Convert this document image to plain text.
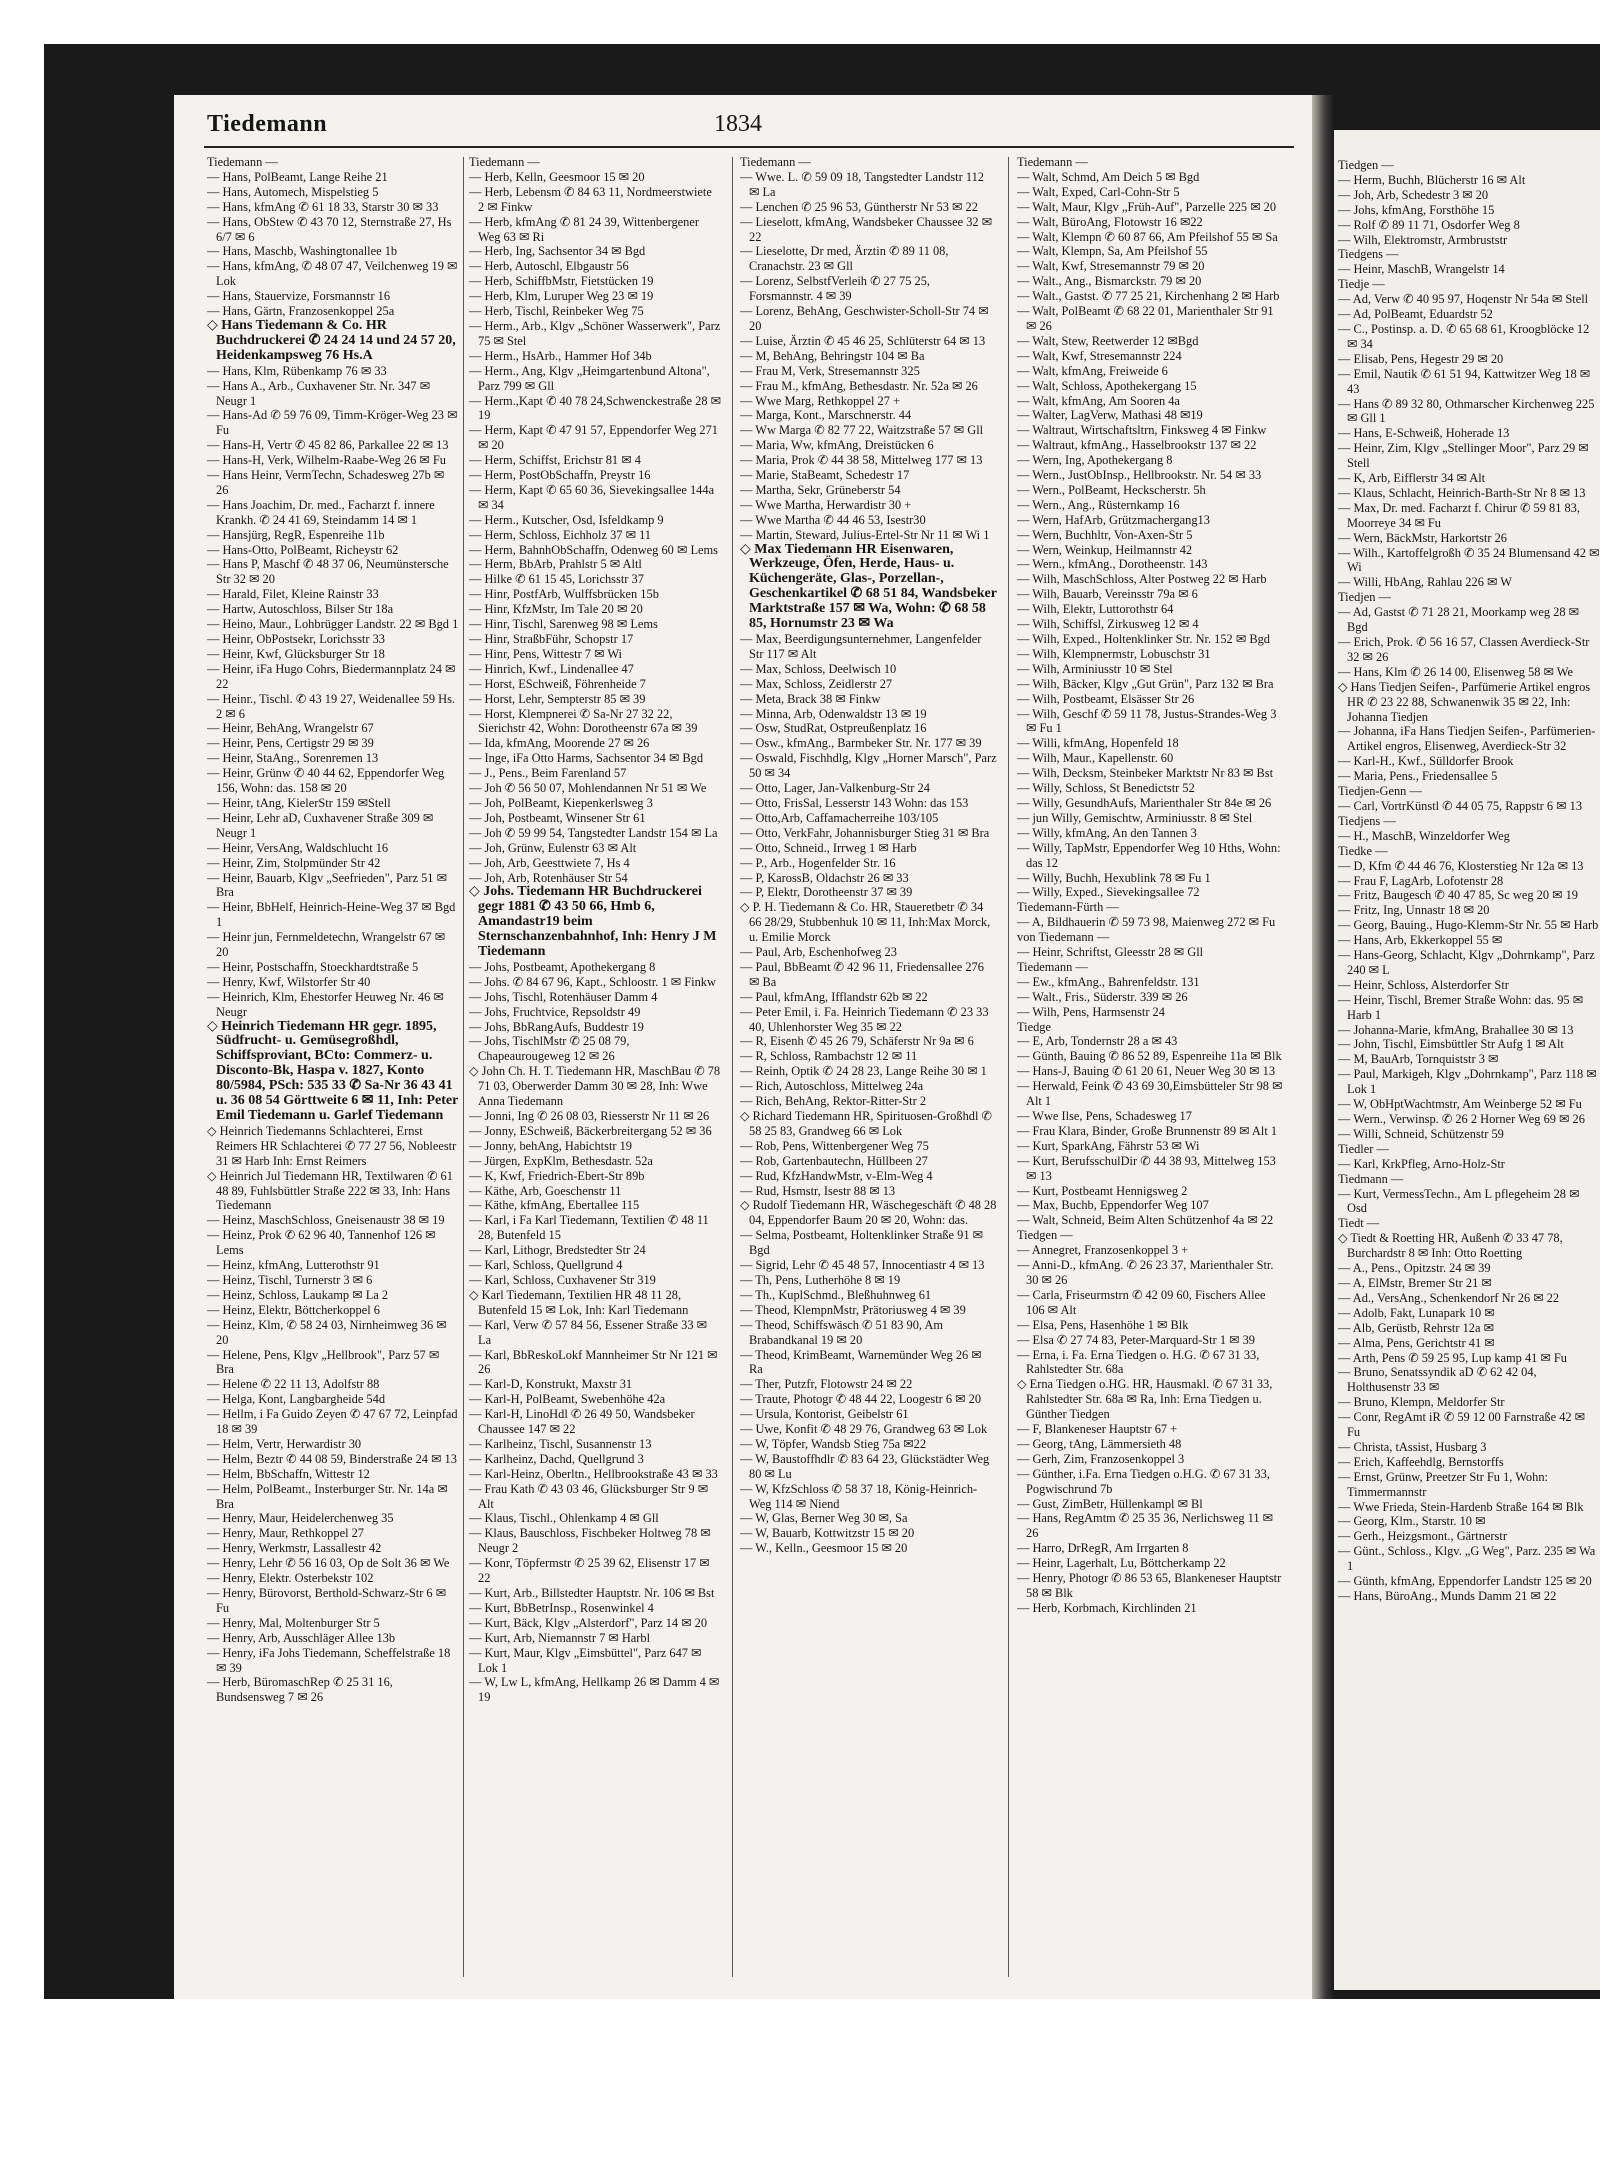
Tiedemann	1834

Tiedemann —

— Hans, PolBeamt, Lange Reihe 21

— Hans, Automech, Mispelstieg 5

— Hans, kfmAng ✆ 61 18 33, Starstr 30 ✉ 33

— Hans, ObStew ✆ 43 70 12, Sternstraße 27, Hs 6/7 ✉ 6

— Hans, Maschb, Washingtonallee 1b

— Hans, kfmAng, ✆ 48 07 47, Veilchenweg 19 ✉ Lok

— Hans, Stauervize, Forsmannstr 16

— Hans, Gärtn, Franzosenkoppel 25a

◇ Hans Tiedemann & Co. HR Buchdruckerei ✆ 24 24 14 und 24 57 20, Heidenkampsweg 76 Hs.A

— Hans, Klm, Rübenkamp 76 ✉ 33

— Hans A., Arb., Cuxhavener Str. Nr. 347 ✉ Neugr 1

— Hans-Ad ✆ 59 76 09, Timm-Kröger-Weg 23 ✉ Fu

— Hans-H, Vertr ✆ 45 82 86, Parkallee 22 ✉ 13

— Hans-H, Verk, Wilhelm-Raabe-Weg 26 ✉ Fu

— Hans Heinr, VermTechn, Schadesweg 27b ✉ 26

— Hans Joachim, Dr. med., Facharzt f. innere Krankh. ✆ 24 41 69, Steindamm 14 ✉ 1

— Hansjürg, RegR, Espenreihe 11b

— Hans-Otto, PolBeamt, Richeystr 62

— Hans P, Maschf ✆ 48 37 06, Neumünstersche Str 32 ✉ 20

— Harald, Filet, Kleine Rainstr 33

— Hartw, Autoschloss, Bilser Str 18a

— Heino, Maur., Lohbrügger Landstr. 22 ✉ Bgd 1

— Heinr, ObPostsekr, Lorichsstr 33

— Heinr, Kwf, Glücksburger Str 18

— Heinr, iFa Hugo Cohrs, Biedermannplatz 24 ✉ 22

— Heinr., Tischl. ✆ 43 19 27, Weidenallee 59 Hs. 2 ✉ 6

— Heinr, BehAng, Wrangelstr 67

— Heinr, Pens, Certigstr 29 ✉ 39

— Heinr, StaAng., Sorenremen 13

— Heinr, Grünw ✆ 40 44 62, Eppendorfer Weg 156, Wohn: das. 158 ✉ 20

— Heinr, tAng, KielerStr 159 ✉Stell

— Heinr, Lehr aD, Cuxhavener Straße 309 ✉ Neugr 1

— Heinr, VersAng, Waldschlucht 16

— Heinr, Zim, Stolpmünder Str 42

— Heinr, Bauarb, Klgv „Seefrieden", Parz 51 ✉ Bra

— Heinr, BbHelf, Heinrich-Heine-Weg 37 ✉ Bgd 1

— Heinr jun, Fernmeldetechn, Wrangelstr 67 ✉ 20

— Heinr, Postschaffn, Stoeckhardtstraße 5

— Henry, Kwf, Wilstorfer Str 40

— Heinrich, Klm, Ehestorfer Heuweg Nr. 46 ✉ Neugr

◇ Heinrich Tiedemann HR gegr. 1895, Südfrucht- u. Gemüsegroßhdl, Schiffsproviant, BCto: Commerz- u. Disconto-Bk, Haspa v. 1827, Konto 80/5984, PSch: 535 33 ✆ Sa-Nr 36 43 41 u. 36 08 54 Görttweite 6 ✉ 11, Inh: Peter Emil Tiedemann u. Garlef Tiedemann

◇ Heinrich Tiedemanns Schlachterei, Ernst Reimers HR Schlachterei ✆ 77 27 56, Nobleestr 31 ✉ Harb Inh: Ernst Reimers

◇ Heinrich Jul Tiedemann HR, Textilwaren ✆ 61 48 89, Fuhlsbüttler Straße 222 ✉ 33, Inh: Hans Tiedemann

— Heinz, MaschSchloss, Gneisenaustr 38 ✉ 19

— Heinz, Prok ✆ 62 96 40, Tannenhof 126 ✉ Lems

— Heinz, kfmAng, Lutterothstr 91

— Heinz, Tischl, Turnerstr 3 ✉ 6

— Heinz, Schloss, Laukamp ✉ La 2

— Heinz, Elektr, Böttcherkoppel 6

— Heinz, Klm, ✆ 58 24 03, Nirnheimweg 36 ✉ 20

— Helene, Pens, Klgv „Hellbrook", Parz 57 ✉ Bra

— Helene ✆ 22 11 13, Adolfstr 88

— Helga, Kont, Langbargheide 54d

— Hellm, i Fa Guido Zeyen ✆ 47 67 72, Leinpfad 18 ✉ 39

— Helm, Vertr, Herwardistr 30

— Helm, Beztr ✆ 44 08 59, Binderstraße 24 ✉ 13

— Helm, BbSchaffn, Wittestr 12

— Helm, PolBeamt., Insterburger Str. Nr. 14a ✉ Bra

— Henry, Maur, Heidelerchenweg 35

— Henry, Maur, Rethkoppel 27

— Henry, Werkmstr, Lassallestr 42

— Henry, Lehr ✆ 56 16 03, Op de Solt 36 ✉ We

— Henry, Elektr. Osterbekstr 102

— Henry, Bürovorst, Berthold-Schwarz-Str 6 ✉ Fu

— Henry, Mal, Moltenburger Str 5

— Henry, Arb, Ausschläger Allee 13b

— Henry, iFa Johs Tiedemann, Scheffelstraße 18 ✉ 39

— Herb, BüromaschRep ✆ 25 31 16, Bundsensweg 7 ✉ 26

Tiedemann —

— Herb, Kelln, Geesmoor 15 ✉ 20

— Herb, Lebensm ✆ 84 63 11, Nordmeerstwiete 2 ✉ Finkw

— Herb, kfmAng ✆ 81 24 39, Wittenbergener Weg 63 ✉ Ri

— Herb, Ing, Sachsentor 34 ✉ Bgd

— Herb, Autoschl, Elbgaustr 56

— Herb, SchiffbMstr, Fietstücken 19

— Herb, Klm, Luruper Weg 23 ✉ 19

— Herb, Tischl, Reinbeker Weg 75

— Herm., Arb., Klgv „Schöner Wasserwerk", Parz 75 ✉ Stel

— Herm., HsArb., Hammer Hof 34b

— Herm., Ang, Klgv „Heimgartenbund Altona", Parz 799 ✉ Gll

— Herm.,Kapt ✆ 40 78 24,Schwenckestraße 28 ✉ 19

— Herm, Kapt ✆ 47 91 57, Eppendorfer Weg 271 ✉ 20

— Herm, Schiffst, Erichstr 81 ✉ 4

— Herm, PostObSchaffn, Preystr 16

— Herm, Kapt ✆ 65 60 36, Sievekingsallee 144a ✉ 34

— Herm., Kutscher, Osd, Isfeldkamp 9

— Herm, Schloss, Eichholz 37 ✉ 11

— Herm, BahnhObSchaffn, Odenweg 60 ✉ Lems

— Herm, BbArb, Prahlstr 5 ✉ Altl

— Hilke ✆ 61 15 45, Lorichsstr 37

— Hinr, PostfArb, Wulffsbrücken 15b

— Hinr, KfzMstr, Im Tale 20 ✉ 20

— Hinr, Tischl, Sarenweg 98 ✉ Lems

— Hinr, StraßbFühr, Schopstr 17

— Hinr, Pens, Wittestr 7 ✉ Wi

— Hinrich, Kwf., Lindenallee 47

— Horst, ESchweiß, Föhrenheide 7

— Horst, Lehr, Sempterstr 85 ✉ 39

— Horst, Klempnerei ✆ Sa-Nr 27 32 22, Sierichstr 42, Wohn: Dorotheenstr 67a ✉ 39

— Ida, kfmAng, Moorende 27 ✉ 26

— Inge, iFa Otto Harms, Sachsentor 34 ✉ Bgd

— J., Pens., Beim Farenland 57

— Joh ✆ 56 50 07, Mohlendannen Nr 51 ✉ We

— Joh, PolBeamt, Kiepenkerlsweg 3

— Joh, Postbeamt, Winsener Str 61

— Joh ✆ 59 99 54, Tangstedter Landstr 154 ✉ La

— Joh, Grünw, Eulenstr 63 ✉ Alt

— Joh, Arb, Geesttwiete 7, Hs 4

— Joh, Arb, Rotenhäuser Str 54

◇ Johs. Tiedemann HR Buchdruckerei gegr 1881 ✆ 43 50 66, Hmb 6, Amandastr19 beim Sternschanzenbahnhof, Inh: Henry J M Tiedemann

— Johs, Postbeamt, Apothekergang 8

— Johs. ✆ 84 67 96, Kapt., Schloostr. 1 ✉ Finkw

— Johs, Tischl, Rotenhäuser Damm 4

— Johs, Fruchtvice, Repsoldstr 49

— Johs, BbRangAufs, Buddestr 19

— Johs, TischlMstr ✆ 25 08 79, Chapeaurougeweg 12 ✉ 26

◇ John Ch. H. T. Tiedemann HR, MaschBau ✆ 78 71 03, Oberwerder Damm 30 ✉ 28, Inh: Wwe Anna Tiedemann

— Jonni, Ing ✆ 26 08 03, Riesserstr Nr 11 ✉ 26

— Jonny, ESchweiß, Bäckerbreitergang 52 ✉ 36

— Jonny, behAng, Habichtstr 19

— Jürgen, ExpKlm, Bethesdastr. 52a

— K, Kwf, Friedrich-Ebert-Str 89b

— Käthe, Arb, Goeschenstr 11

— Käthe, kfmAng, Ebertallee 115

— Karl, i Fa Karl Tiedemann, Textilien ✆ 48 11 28, Butenfeld 15

— Karl, Lithogr, Bredstedter Str 24

— Karl, Schloss, Quellgrund 4

— Karl, Schloss, Cuxhavener Str 319

◇ Karl Tiedemann, Textilien HR 48 11 28, Butenfeld 15 ✉ Lok, Inh: Karl Tiedemann

— Karl, Verw ✆ 57 84 56, Essener Straße 33 ✉ La

— Karl, BbReskoLokf Mannheimer Str Nr 121 ✉ 26

— Karl-D, Konstrukt, Maxstr 31

— Karl-H, PolBeamt, Swebenhöhe 42a

— Karl-H, LinoHdl ✆ 26 49 50, Wandsbeker Chaussee 147 ✉ 22

— Karlheinz, Tischl, Susannenstr 13

— Karlheinz, Dachd, Quellgrund 3

— Karl-Heinz, Oberltn., Hellbrookstraße 43 ✉ 33

— Frau Kath ✆ 43 03 46, Glücksburger Str 9 ✉ Alt

— Klaus, Tischl., Ohlenkamp 4 ✉ Gll

— Klaus, Bauschloss, Fischbeker Holtweg 78 ✉ Neugr 2

— Konr, Töpfermstr ✆ 25 39 62, Elisenstr 17 ✉ 22

— Kurt, Arb., Billstedter Hauptstr. Nr. 106 ✉ Bst

— Kurt, BbBetrInsp., Rosenwinkel 4

— Kurt, Bäck, Klgv „Alsterdorf", Parz 14 ✉ 20

— Kurt, Arb, Niemannstr 7 ✉ Harbl

— Kurt, Maur, Klgv „Eimsbüttel", Parz 647 ✉ Lok 1

— W, Lw L, kfmAng, Hellkamp 26 ✉ Damm 4 ✉ 19

Tiedemann —

— Wwe. L. ✆ 59 09 18, Tangstedter Landstr 112 ✉ La

— Lenchen ✆ 25 96 53, Güntherstr Nr 53 ✉ 22

— Lieselott, kfmAng, Wandsbeker Chaussee 32 ✉ 22

— Lieselotte, Dr med, Ärztin ✆ 89 11 08, Cranachstr. 23 ✉ Gll

— Lorenz, SelbstfVerleih ✆ 27 75 25, Forsmannstr. 4 ✉ 39

— Lorenz, BehAng, Geschwister-Scholl-Str 74 ✉ 20

— Luise, Ärztin ✆ 45 46 25, Schlüterstr 64 ✉ 13

— M, BehAng, Behringstr 104 ✉ Ba

— Frau M, Verk, Stresemannstr 325

— Frau M., kfmAng, Bethesdastr. Nr. 52a ✉ 26

— Wwe Marg, Rethkoppel 27 +

— Marga, Kont., Marschnerstr. 44

— Ww Marga ✆ 82 77 22, Waitzstraße 57 ✉ Gll

— Maria, Ww, kfmAng, Dreistücken 6

— Maria, Prok ✆ 44 38 58, Mittelweg 177 ✉ 13

— Marie, StaBeamt, Schedestr 17

— Martha, Sekr, Grüneberstr 54

— Wwe Martha, Herwardistr 30 +

— Wwe Martha ✆ 44 46 53, Isestr30

— Martin, Steward, Julius-Ertel-Str Nr 11 ✉ Wi 1

◇ Max Tiedemann HR Eisenwaren, Werkzeuge, Öfen, Herde, Haus- u. Küchengeräte, Glas-, Porzellan-, Geschenkartikel ✆ 68 51 84, Wandsbeker Marktstraße 157 ✉ Wa, Wohn: ✆ 68 58 85, Hornumstr 23 ✉ Wa

— Max, Beerdigungsunternehmer, Langenfelder Str 117 ✉ Alt

— Max, Schloss, Deelwisch 10

— Max, Schloss, Zeidlerstr 27

— Meta, Brack 38 ✉ Finkw

— Minna, Arb, Odenwaldstr 13 ✉ 19

— Osw, StudRat, Ostpreußenplatz 16

— Osw., kfmAng., Barmbeker Str. Nr. 177 ✉ 39

— Oswald, Fischhdlg, Klgv „Horner Marsch", Parz 50 ✉ 34

— Otto, Lager, Jan-Valkenburg-Str 24

— Otto, FrisSal, Lesserstr 143 Wohn: das 153

— Otto,Arb, Caffamacherreihe 103/105

— Otto, VerkFahr, Johannisburger Stieg 31 ✉ Bra

— Otto, Schneid., Irrweg 1 ✉ Harb

— P., Arb., Hogenfelder Str. 16

— P, KarossB, Oldachstr 26 ✉ 33

— P, Elektr, Dorotheenstr 37 ✉ 39

◇ P. H. Tiedemann & Co. HR, Staueretbetr ✆ 34 66 28/29, Stubbenhuk 10 ✉ 11, Inh:Max Morck, u. Emilie Morck

— Paul, Arb, Eschenhofweg 23

— Paul, BbBeamt ✆ 42 96 11, Friedensallee 276 ✉ Ba

— Paul, kfmAng, Ifflandstr 62b ✉ 22

— Peter Emil, i. Fa. Heinrich Tiedemann ✆ 23 33 40, Uhlenhorster Weg 35 ✉ 22

— R, Eisenh ✆ 45 26 79, Schäferstr Nr 9a ✉ 6

— R, Schloss, Rambachstr 12 ✉ 11

— Reinh, Optik ✆ 24 28 23, Lange Reihe 30 ✉ 1

— Rich, Autoschloss, Mittelweg 24a

— Rich, BehAng, Rektor-Ritter-Str 2

◇ Richard Tiedemann HR, Spirituosen-Großhdl ✆ 58 25 83, Grandweg 66 ✉ Lok

— Rob, Pens, Wittenbergener Weg 75

— Rob, Gartenbautechn, Hüllbeen 27

— Rud, KfzHandwMstr, v-Elm-Weg 4

— Rud, Hsmstr, Isestr 88 ✉ 13

◇ Rudolf Tiedemann HR, Wäschegeschäft ✆ 48 28 04, Eppendorfer Baum 20 ✉ 20, Wohn: das.

— Selma, Postbeamt, Holtenklinker Straße 91 ✉ Bgd

— Sigrid, Lehr ✆ 45 48 57, Innocentiastr 4 ✉ 13

— Th, Pens, Lutherhöhe 8 ✉ 19

— Th., KuplSchmd., Bleßhuhnweg 61

— Theod, KlempnMstr, Prätoriusweg 4 ✉ 39

— Theod, Schiffswäsch ✆ 51 83 90, Am Brabandkanal 19 ✉ 20

— Theod, KrimBeamt, Warnemünder Weg 26 ✉ Ra

— Ther, Putzfr, Flotowstr 24 ✉ 22

— Traute, Photogr ✆ 48 44 22, Loogestr 6 ✉ 20

— Ursula, Kontorist, Geibelstr 61

— Uwe, Konfit ✆ 48 29 76, Grandweg 63 ✉ Lok

— W, Töpfer, Wandsb Stieg 75a ✉22

— W, Baustoffhdlr ✆ 83 64 23, Glückstädter Weg 80 ✉ Lu

— W, KfzSchloss ✆ 58 37 18, König-Heinrich-Weg 114 ✉ Niend

— W, Glas, Berner Weg 30 ✉, Sa

— W, Bauarb, Kottwitzstr 15 ✉ 20

— W., Kelln., Geesmoor 15 ✉ 20

Tiedemann —

— Walt, Schmd, Am Deich 5 ✉ Bgd

— Walt, Exped, Carl-Cohn-Str 5

— Walt, Maur, Klgv „Früh-Auf", Parzelle 225 ✉ 20

— Walt, BüroAng, Flotowstr 16 ✉22

— Walt, Klempn ✆ 60 87 66, Am Pfeilshof 55 ✉ Sa

— Walt, Klempn, Sa, Am Pfeilshof 55

— Walt, Kwf, Stresemannstr 79 ✉ 20

— Walt., Ang., Bismarckstr. 79 ✉ 20

— Walt., Gastst. ✆ 77 25 21, Kirchenhang 2 ✉ Harb

— Walt, PolBeamt ✆ 68 22 01, Marienthaler Str 91 ✉ 26

— Walt, Stew, Reetwerder 12 ✉Bgd

— Walt, Kwf, Stresemannstr 224

— Walt, kfmAng, Freiweide 6

— Walt, Schloss, Apothekergang 15

— Walt, kfmAng, Am Sooren 4a

— Walter, LagVerw, Mathasi 48 ✉19

— Waltraut, Wirtschaftsltrn, Finksweg 4 ✉ Finkw

— Waltraut, kfmAng., Hasselbrookstr 137 ✉ 22

— Wern, Ing, Apothekergang 8

— Wern., JustObInsp., Hellbrookstr. Nr. 54 ✉ 33

— Wern., PolBeamt, Heckscherstr. 5h

— Wern., Ang., Rüsternkamp 16

— Wern, HafArb, Grützmachergang13

— Wern, Buchhltr, Von-Axen-Str 5

— Wern, Weinkup, Heilmannstr 42

— Wern., kfmAng., Dorotheenstr. 143

— Wilh, MaschSchloss, Alter Postweg 22 ✉ Harb

— Wilh, Bauarb, Vereinsstr 79a ✉ 6

— Wilh, Elektr, Luttorothstr 64

— Wilh, Schiffsl, Zirkusweg 12 ✉ 4

— Wilh, Exped., Holtenklinker Str. Nr. 152 ✉ Bgd

— Wilh, Klempnermstr, Lobuschstr 31

— Wilh, Arminiusstr 10 ✉ Stel

— Wilh, Bäcker, Klgv „Gut Grün", Parz 132 ✉ Bra

— Wilh, Postbeamt, Elsässer Str 26

— Wilh, Geschf ✆ 59 11 78, Justus-Strandes-Weg 3 ✉ Fu 1

— Willi, kfmAng, Hopenfeld 18

— Wilh, Maur., Kapellenstr. 60

— Wilh, Decksm, Steinbeker Marktstr Nr 83 ✉ Bst

— Willy, Schloss, St Benedictstr 52

— Willy, GesundhAufs, Marienthaler Str 84e ✉ 26

— jun Willy, Gemischtw, Arminiusstr. 8 ✉ Stel

— Willy, kfmAng, An den Tannen 3

— Willy, TapMstr, Eppendorfer Weg 10 Hths, Wohn: das 12

— Willy, Buchh, Hexublink 78 ✉ Fu 1

— Willy, Exped., Sievekingsallee 72

Tiedemann-Fürth —

— A, Bildhauerin ✆ 59 73 98, Maienweg 272 ✉ Fu

von Tiedemann —

— Heinr, Schriftst, Gleesstr 28 ✉ Gll

Tiedemann —

— Ew., kfmAng., Bahrenfeldstr. 131

— Walt., Fris., Süderstr. 339 ✉ 26

— Wilh, Pens, Harmsenstr 24

Tiedge

— E, Arb, Tondernstr 28 a ✉ 43

— Günth, Bauing ✆ 86 52 89, Espenreihe 11a ✉ Blk

— Hans-J, Bauing ✆ 61 20 61, Neuer Weg 30 ✉ 13

— Herwald, Feink ✆ 43 69 30,Eimsbütteler Str 98 ✉ Alt 1

— Wwe Ilse, Pens, Schadesweg 17

— Frau Klara, Binder, Große Brunnenstr 89 ✉ Alt 1

— Kurt, SparkAng, Fährstr 53 ✉ Wi

— Kurt, BerufsschulDir ✆ 44 38 93, Mittelweg 153 ✉ 13

— Kurt, Postbeamt Hennigsweg 2

— Max, Buchb, Eppendorfer Weg 107

— Walt, Schneid, Beim Alten Schützenhof 4a ✉ 22

Tiedgen —

— Annegret, Franzosenkoppel 3 +

— Anni-D., kfmAng. ✆ 26 23 37, Marienthaler Str. 30 ✉ 26

— Carla, Friseurmstrn ✆ 42 09 60, Fischers Allee 106 ✉ Alt

— Elsa, Pens, Hasenhöhe 1 ✉ Blk

— Elsa ✆ 27 74 83, Peter-Marquard-Str 1 ✉ 39

— Erna, i. Fa. Erna Tiedgen o. H.G. ✆ 67 31 33, Rahlstedter Str. 68a

◇ Erna Tiedgen o.HG. HR, Hausmakl. ✆ 67 31 33, Rahlstedter Str. 68a ✉ Ra, Inh: Erna Tiedgen u. Günther Tiedgen

— F, Blankeneser Hauptstr 67 +

— Georg, tAng, Lämmersieth 48

— Gerh, Zim, Franzosenkoppel 3

— Günther, i.Fa. Erna Tiedgen o.H.G. ✆ 67 31 33, Pogwischrund 7b

— Gust, ZimBetr, Hüllenkampl ✉ Bl

— Hans, RegAmtm ✆ 25 35 36, Nerlichsweg 11 ✉ 26

— Harro, DrRegR, Am Irrgarten 8

— Heinr, Lagerhalt, Lu, Böttcherkamp 22

— Henry, Photogr ✆ 86 53 65, Blankeneser Hauptstr 58 ✉ Blk

— Herb, Korbmach, Kirchlinden 21

Tiedgen —

— Herm, Buchh, Blücherstr 16 ✉ Alt

— Joh, Arb, Schedestr 3 ✉ 20

— Johs, kfmAng, Forsthöhe 15

— Rolf ✆ 89 11 71, Osdorfer Weg 8

— Wilh, Elektromstr, Armbruststr

Tiedgens —

— Heinr, MaschB, Wrangelstr 14

Tiedje —

— Ad, Verw ✆ 40 95 97, Hoqenstr Nr 54a ✉ Stell

— Ad, PolBeamt, Eduardstr 52

— C., Postinsp. a. D. ✆ 65 68 61, Kroogblöcke 12 ✉ 34

— Elisab, Pens, Hegestr 29 ✉ 20

— Emil, Nautik ✆ 61 51 94, Kattwitzer Weg 18 ✉ 43

— Hans ✆ 89 32 80, Othmarscher Kirchenweg 225 ✉ Gll 1

— Hans, E-Schweiß, Hoherade 13

— Heinr, Zim, Klgv „Stellinger Moor", Parz 29 ✉ Stell

— K, Arb, Eifflerstr 34 ✉ Alt

— Klaus, Schlacht, Heinrich-Barth-Str Nr 8 ✉ 13

— Max, Dr. med. Facharzt f. Chirur ✆ 59 81 83, Moorreye 34 ✉ Fu

— Wern, BäckMstr, Harkortstr 26

— Wilh., Kartoffelgroßh ✆ 35 24 Blumensand 42 ✉ Wi

— Willi, HbAng, Rahlau 226 ✉ W

Tiedjen —

— Ad, Gastst ✆ 71 28 21, Moorkamp weg 28 ✉ Bgd

— Erich, Prok. ✆ 56 16 57, Classen Averdieck-Str 32 ✉ 26

— Hans, Klm ✆ 26 14 00, Elisenweg 58 ✉ We

◇ Hans Tiedjen Seifen-, Parfümerie Artikel engros HR ✆ 23 22 88, Schwanenwik 35 ✉ 22, Inh: Johanna Tiedjen

— Johanna, iFa Hans Tiedjen Seifen-, Parfümerien-Artikel engros, Elisenweg, Averdieck-Str 32

— Karl-H., Kwf., Sülldorfer Brook

— Maria, Pens., Friedensallee 5

Tiedjen-Genn —

— Carl, VortrKünstl ✆ 44 05 75, Rappstr 6 ✉ 13

Tiedjens —

— H., MaschB, Winzeldorfer Weg

Tiedke —

— D, Kfm ✆ 44 46 76, Klosterstieg Nr 12a ✉ 13

— Frau F, LagArb, Lofotenstr 28

— Fritz, Baugesch ✆ 40 47 85, Sc weg 20 ✉ 19

— Fritz, Ing, Unnastr 18 ✉ 20

— Georg, Bauing., Hugo-Klemm-Str Nr. 55 ✉ Harb

— Hans, Arb, Ekkerkoppel 55 ✉

— Hans-Georg, Schlacht, Klgv „Dohrnkamp", Parz 240 ✉ L

— Heinr, Schloss, Alsterdorfer Str

— Heinr, Tischl, Bremer Straße Wohn: das. 95 ✉ Harb 1

— Johanna-Marie, kfmAng, Brahallee 30 ✉ 13

— John, Tischl, Eimsbüttler Str Aufg 1 ✉ Alt

— M, BauArb, Tornquiststr 3 ✉

— Paul, Markigeh, Klgv „Dohrnkamp", Parz 118 ✉ Lok 1

— W, ObHptWachtmstr, Am Weinberge 52 ✉ Fu

— Wern., Verwinsp. ✆ 26 2 Horner Weg 69 ✉ 26

— Willi, Schneid, Schützenstr 59

Tiedler —

— Karl, KrkPfleg, Arno-Holz-Str

Tiedmann —

— Kurt, VermessTechn., Am L pflegeheim 28 ✉ Osd

Tiedt —

◇ Tiedt & Roetting HR, Außenh ✆ 33 47 78, Burchardstr 8 ✉ Inh: Otto Roetting

— A., Pens., Opitzstr. 24 ✉ 39

— A, ElMstr, Bremer Str 21 ✉

— Ad., VersAng., Schenkendorf Nr 26 ✉ 22

— Adolb, Fakt, Lunapark 10 ✉

— Alb, Gerüstb, Rehrstr 12a ✉

— Alma, Pens, Gerichtstr 41 ✉

— Arth, Pens ✆ 59 25 95, Lup kamp 41 ✉ Fu

— Bruno, Senatssyndik aD ✆ 62 42 04, Holthusenstr 33 ✉

— Bruno, Klempn, Meldorfer Str

— Conr, RegAmt iR ✆ 59 12 00 Farnstraße 42 ✉ Fu

— Christa, tAssist, Husbarg 3

— Erich, Kaffeehdlg, Bernstorffs

— Ernst, Grünw, Preetzer Str Fu 1, Wohn: Timmermannstr

— Wwe Frieda, Stein-Hardenb Straße 164 ✉ Blk

— Georg, Klm., Starstr. 10 ✉

— Gerh., Heizgsmont., Gärtnerstr

— Günt., Schloss., Klgv. „G Weg", Parz. 235 ✉ Wa 1

— Günth, kfmAng, Eppendorfer Landstr 125 ✉ 20

— Hans, BüroAng., Munds Damm 21 ✉ 22
